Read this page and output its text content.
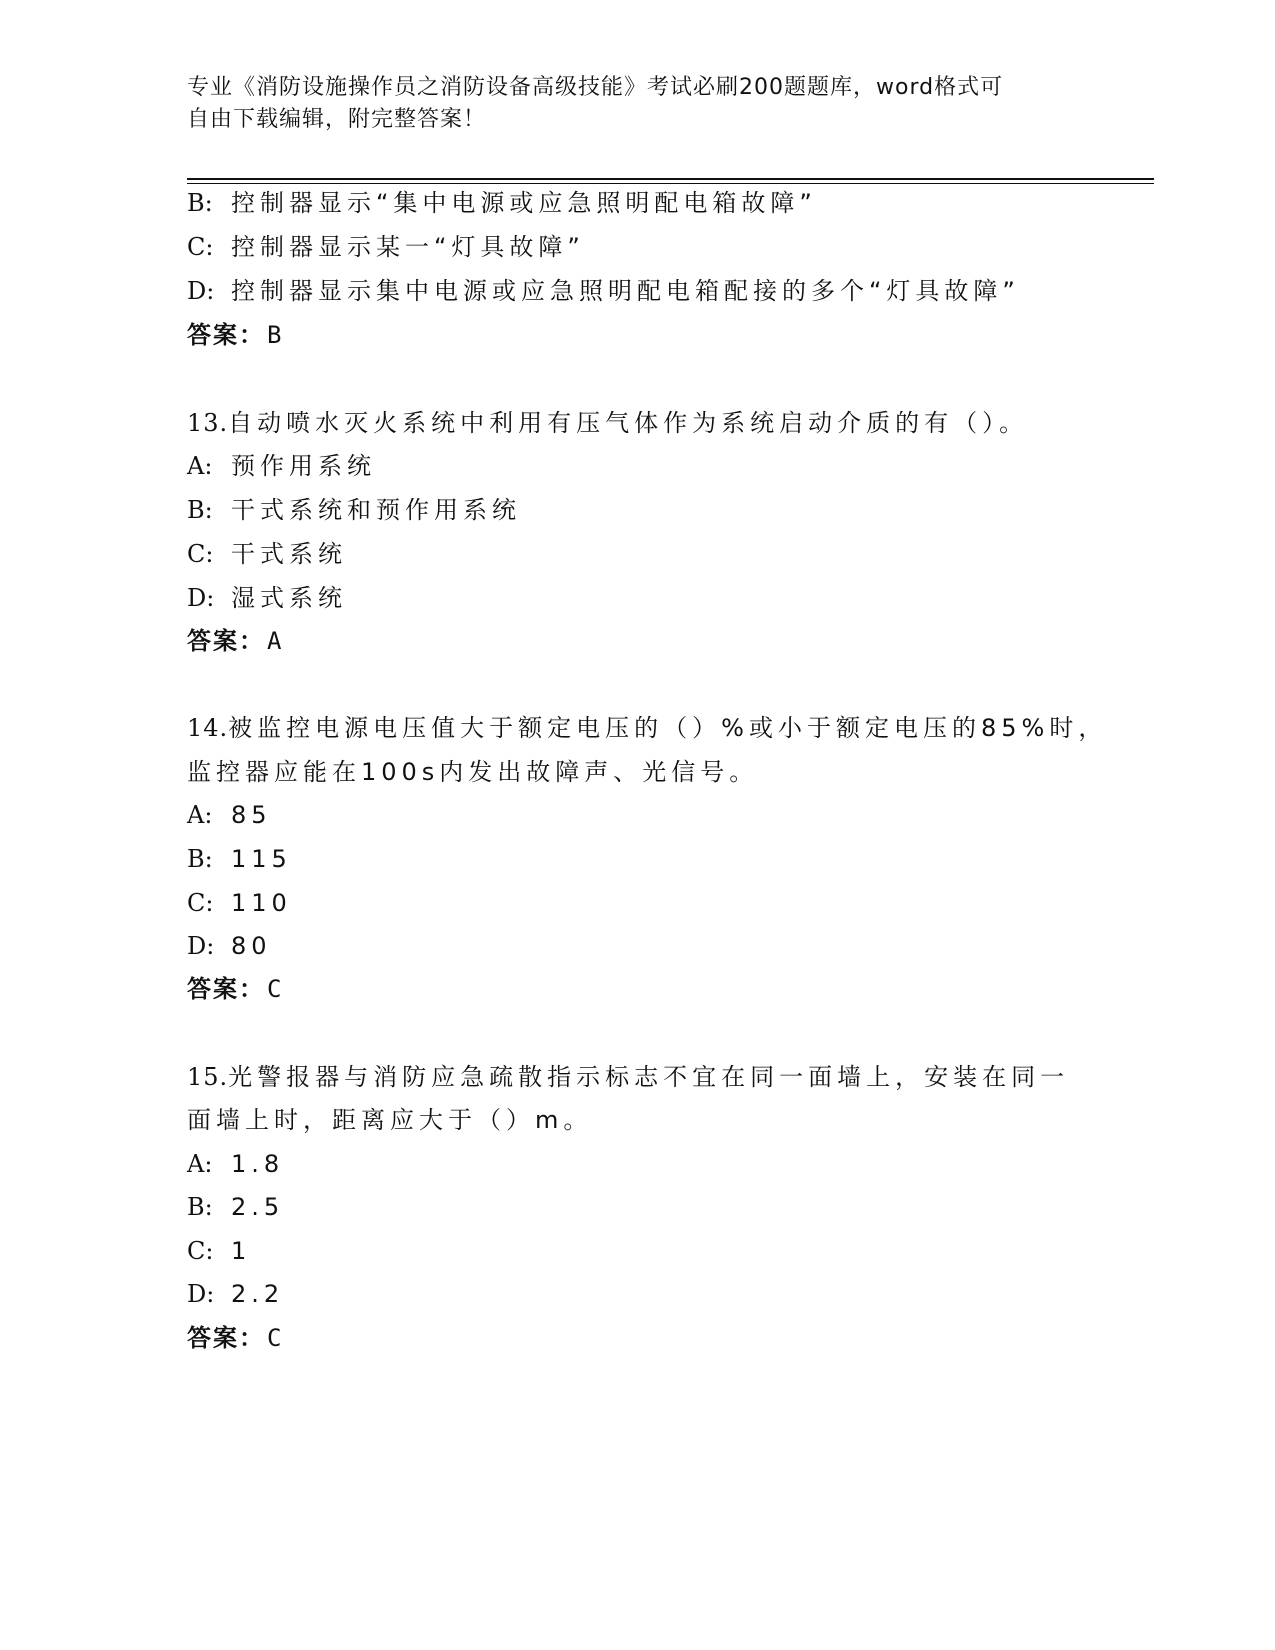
专业《消防设施操作员之消防设备高级技能》考试必刷200题题库，word格式可
自由下载编辑，附完整答案！
B: 控制器显示“集中电源或应急照明配电箱故障”
C: 控制器显示某一“灯具故障”
D: 控制器显示集中电源或应急照明配电箱配接的多个“灯具故障”
答案：B
13.自动喷水灭火系统中利用有压气体作为系统启动介质的有（）。
A: 预作用系统
B: 干式系统和预作用系统
C: 干式系统
D: 湿式系统
答案：A
14.被监控电源电压值大于额定电压的（）%或小于额定电压的85%时，
监控器应能在100s内发出故障声、光信号。
A: 85
B: 115
C: 110
D: 80
答案：C
15.光警报器与消防应急疏散指示标志不宜在同一面墙上，安装在同一
面墙上时，距离应大于（）m。
A: 1.8
B: 2.5
C: 1
D: 2.2
答案：C
